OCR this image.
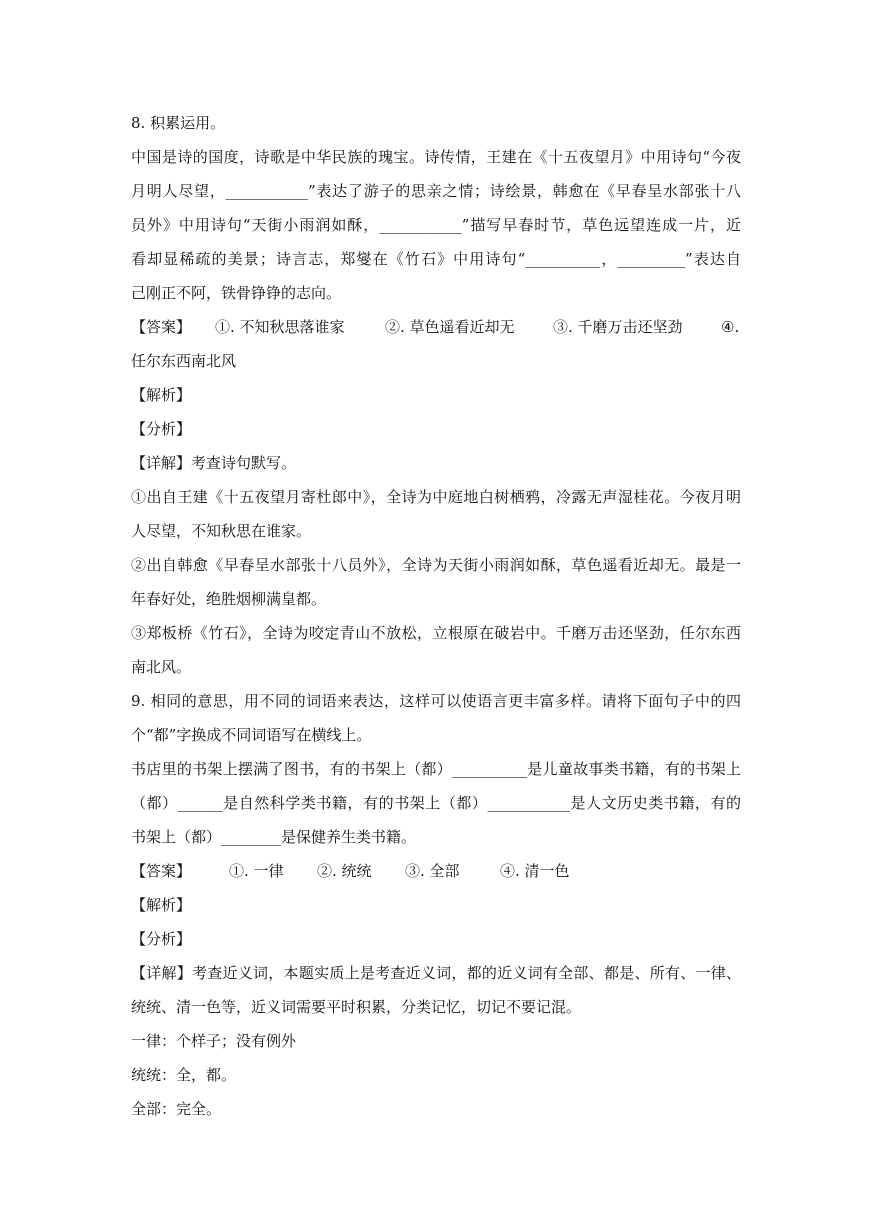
8. 积累运用。
中国是诗的国度，诗歌是中华民族的瑰宝。诗传情，王建在《十五夜望月》中用诗句“今夜
月明人尽望，___________”表达了游子的思亲之情；诗绘景，韩愈在《早春呈水部张十八
员外》中用诗句“天街小雨润如酥，___________”描写早春时节，草色远望连成一片，近
看却显稀疏的美景；诗言志，郑燮在《竹石》中用诗句“__________，_________”表达自
己刚正不阿，铁骨铮铮的志向。
【答案】 ①. 不知秋思落谁家	②. 草色遥看近却无	③. 千磨万击还坚劲	④.
任尔东西南北风
【解析】
【分析】
【详解】考查诗句默写。
①出自王建《十五夜望月寄杜郎中》，全诗为中庭地白树栖鸦，冷露无声湿桂花。今夜月明
人尽望，不知秋思在谁家。
②出自韩愈《早春呈水部张十八员外》，全诗为天街小雨润如酥，草色遥看近却无。最是一
年春好处，绝胜烟柳满皇都。
③郑板桥《竹石》，全诗为咬定青山不放松，立根原在破岩中。千磨万击还坚劲，任尔东西
南北风。
9. 相同的意思，用不同的词语来表达，这样可以使语言更丰富多样。请将下面句子中的四
个“都”字换成不同词语写在横线上。
书店里的书架上摆满了图书，有的书架上（都）__________是儿童故事类书籍，有的书架上
（都）______是自然科学类书籍，有的书架上（都）___________是人文历史类书籍，有的
书架上（都）________是保健养生类书籍。
【答案】	①. 一律 ②. 统统 ③. 全部	④. 清一色
【解析】
【分析】
【详解】考查近义词，本题实质上是考查近义词，都的近义词有全部、都是、所有、一律、
统统、清一色等，近义词需要平时积累，分类记忆，切记不要记混。
一律：个样子；没有例外
统统：全，都。
全部：完全。
